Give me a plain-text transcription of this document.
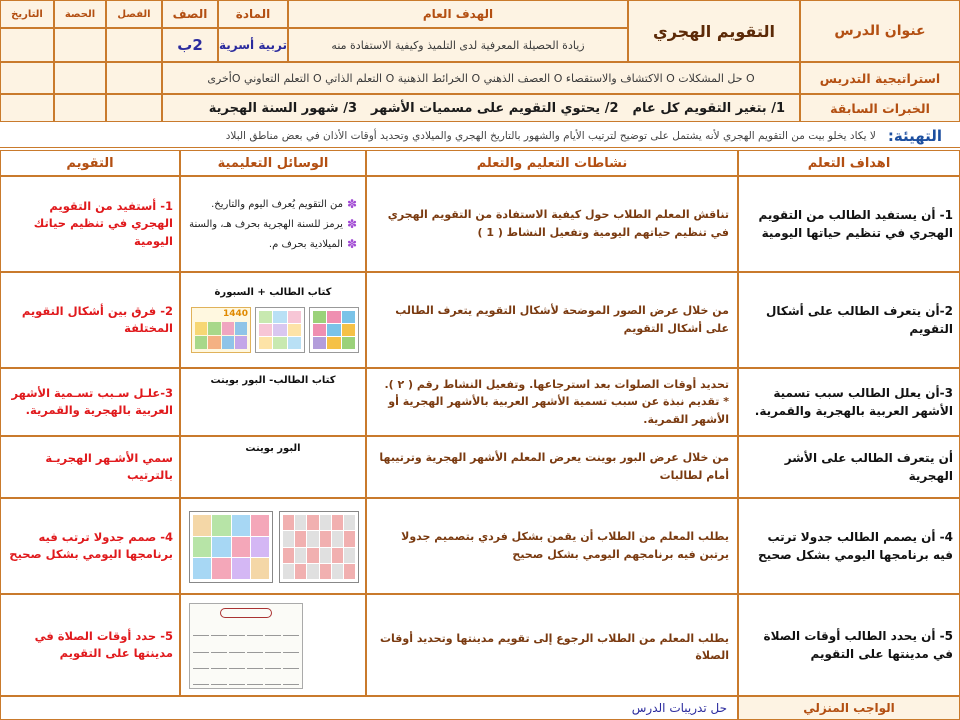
عنوان الدرس
التقويم الهجري
الهدف العام
زيادة الحصيلة المعرفية لدى التلميذ وكيفية الاستفادة منه
المادة
تربية أسرية
الصف
2ب
الفصل
الحصة
التاريخ
استراتيجية التدريس
O حل المشكلات O الاكتشاف والاستقصاء O العصف الذهني O الخرائط الذهنية O التعلم الذاتي O التعلم التعاوني Oأخرى
الخبرات السابقة
1/ بتغير التقويم كل عام
2/ يحتوي التقويم على مسميات الأشهر
3/ شهور السنة الهجرية
التهيئة:
لا يكاد يخلو بيت من التقويم الهجري لأنه يشتمل على توضيح لترتيب الأيام والشهور بالتاريخ الهجري والميلادي وتحديد أوقات الأذان في بعض مناطق البلاد
اهداف التعلم
نشاطات التعليم والتعلم
الوسائل التعليمية
التقويم
1- أن يستفيد الطالب من التقويم الهجري في تنظيم حياتها اليومية
تناقش المعلم الطلاب حول كيفية الاستفادة من التقويم الهجري في تنظيم حياتهم اليومية وتفعيل النشاط ( 1 )
✽
من التقويم يُعرف اليوم والتاريخ.
✽
يرمز للسنة الهجرية بحرف هـ، والسنة
✽
الميلادية بحرف م.
1- أستفيد من التقويم الهجري في تنظيم حياتك اليومية
2-أن يتعرف الطالب على أشكال التقويم
من خلال عرض الصور الموضحة لأشكال التقويم يتعرف الطالب على أشكال التقويم
كتاب الطالب + السبورة
1440
2- فرق بين أشكال التقويم المختلفة
3-أن يعلل الطالب سبب تسمية الأشهر العربية بالهجرية والقمرية.
تحديد أوقات الصلوات بعد استرجاعها. وتفعيل النشاط رقم ( ٢ ). * تقديم نبذة عن سبب تسمية الأشهر العربية بالأشهر الهجرية أو الأشهر القمرية.
كتاب الطالب- البور بوينت
3-علـل سـبب تسـمية الأشهر العربية بالهجرية والقمرية.
أن يتعرف الطالب على الأشر الهجرية
من خلال عرض البور بوينت يعرض المعلم الأشهر الهجرية وترتيبها أمام لطالبات
البور بوينت
سمي الأشـهر الهجريـة بالترتيب
4- أن يصمم الطالب جدولا ترتب فيه برنامجها اليومي بشكل صحيح
يطلب المعلم من الطلاب أن يقمن بشكل فردي بتصميم جدولا يرتبن فيه برنامجهم اليومي بشكل صحيح
4- صمم جدولا ترتب فيه برنامجها اليومي بشكل صحيح
5- أن يحدد الطالب أوقات الصلاة في مدينتها على التقويم
يطلب المعلم من الطلاب الرجوع إلى تقويم مدينتها وتحديد أوقات الصلاة
5- حدد أوقات الصلاة في مدينتها على التقويم
الواجب المنزلي
حل تدريبات الدرس
